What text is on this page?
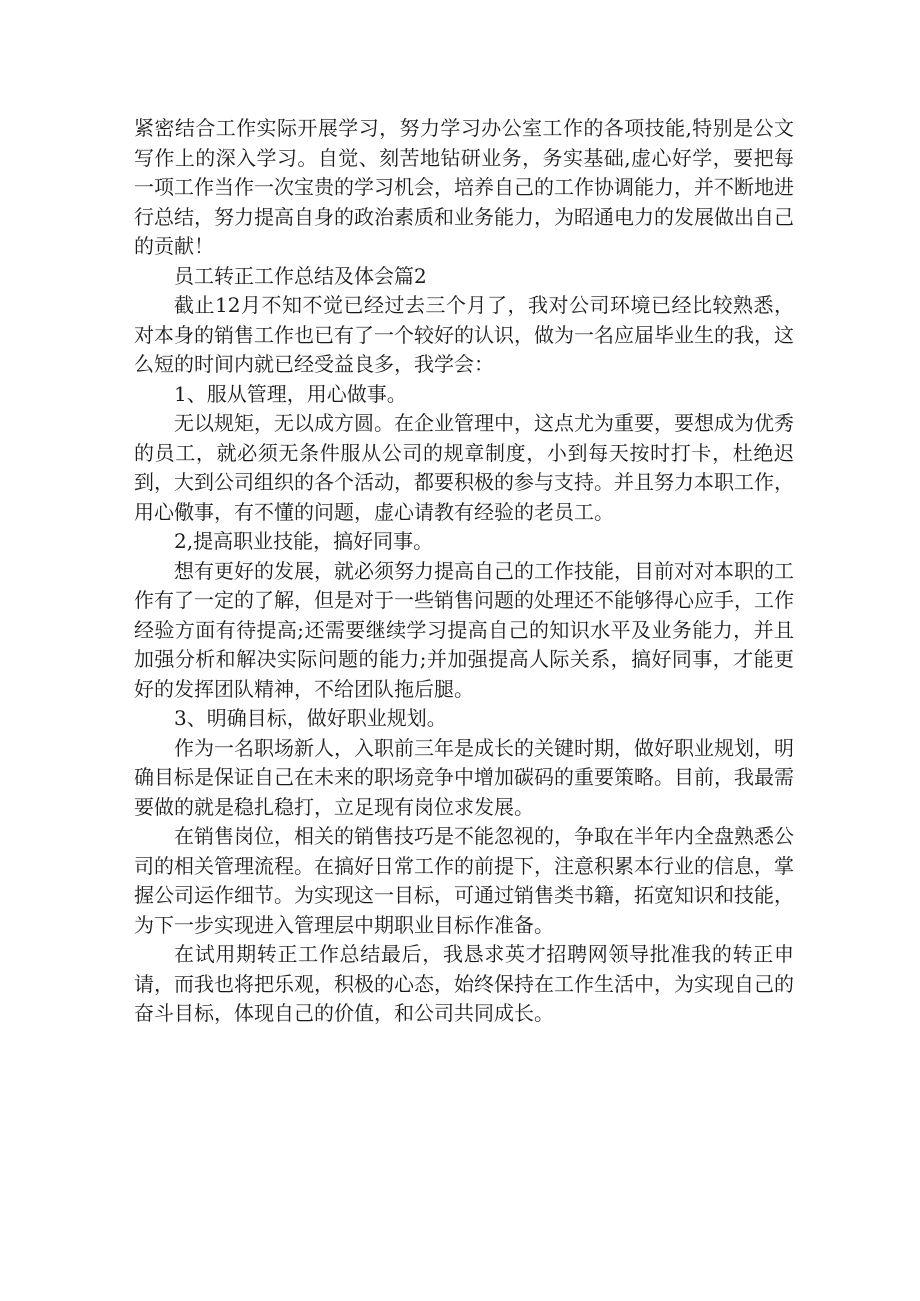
紧密结合工作实际开展学习，努力学习办公室工作的各项技能,特别是公文写作上的深入学习。自觉、刻苦地钻研业务，务实基础,虚心好学，要把每一项工作当作一次宝贵的学习机会，培养自己的工作协调能力，并不断地进行总结，努力提高自身的政治素质和业务能力，为昭通电力的发展做出自己的贡献！

员工转正工作总结及体会篇2

截止12月不知不觉已经过去三个月了，我对公司环境已经比较熟悉，对本身的销售工作也已有了一个较好的认识，做为一名应届毕业生的我，这么短的时间内就已经受益良多，我学会：

1、服从管理，用心做事。

无以规矩，无以成方圆。在企业管理中，这点尤为重要，要想成为优秀的员工，就必须无条件服从公司的规章制度，小到每天按时打卡，杜绝迟到，大到公司组织的各个活动，都要积极的参与支持。并且努力本职工作，用心儆事，有不懂的问题，虚心请教有经验的老员工。

2,提高职业技能，搞好同事。

想有更好的发展，就必须努力提高自己的工作技能，目前对对本职的工作有了一定的了解，但是对于一些销售问题的处理还不能够得心应手，工作经验方面有待提高;还需要继续学习提高自己的知识水平及业务能力，并且加强分析和解决实际问题的能力;并加强提高人际关系，搞好同事，才能更好的发挥团队精神，不给团队拖后腿。

3、明确目标，做好职业规划。

作为一名职场新人，入职前三年是成长的关键时期，做好职业规划，明确目标是保证自己在未来的职场竞争中增加碳码的重要策略。目前，我最需要做的就是稳扎稳打，立足现有岗位求发展。

在销售岗位，相关的销售技巧是不能忽视的，争取在半年内全盘熟悉公司的相关管理流程。在搞好日常工作的前提下，注意积累本行业的信息，掌握公司运作细节。为实现这一目标，可通过销售类书籍，拓宽知识和技能，为下一步实现进入管理层中期职业目标作准备。

在试用期转正工作总结最后，我恳求英才招聘网领导批准我的转正申请，而我也将把乐观，积极的心态，始终保持在工作生活中，为实现自己的奋斗目标，体现自己的价值，和公司共同成长。
